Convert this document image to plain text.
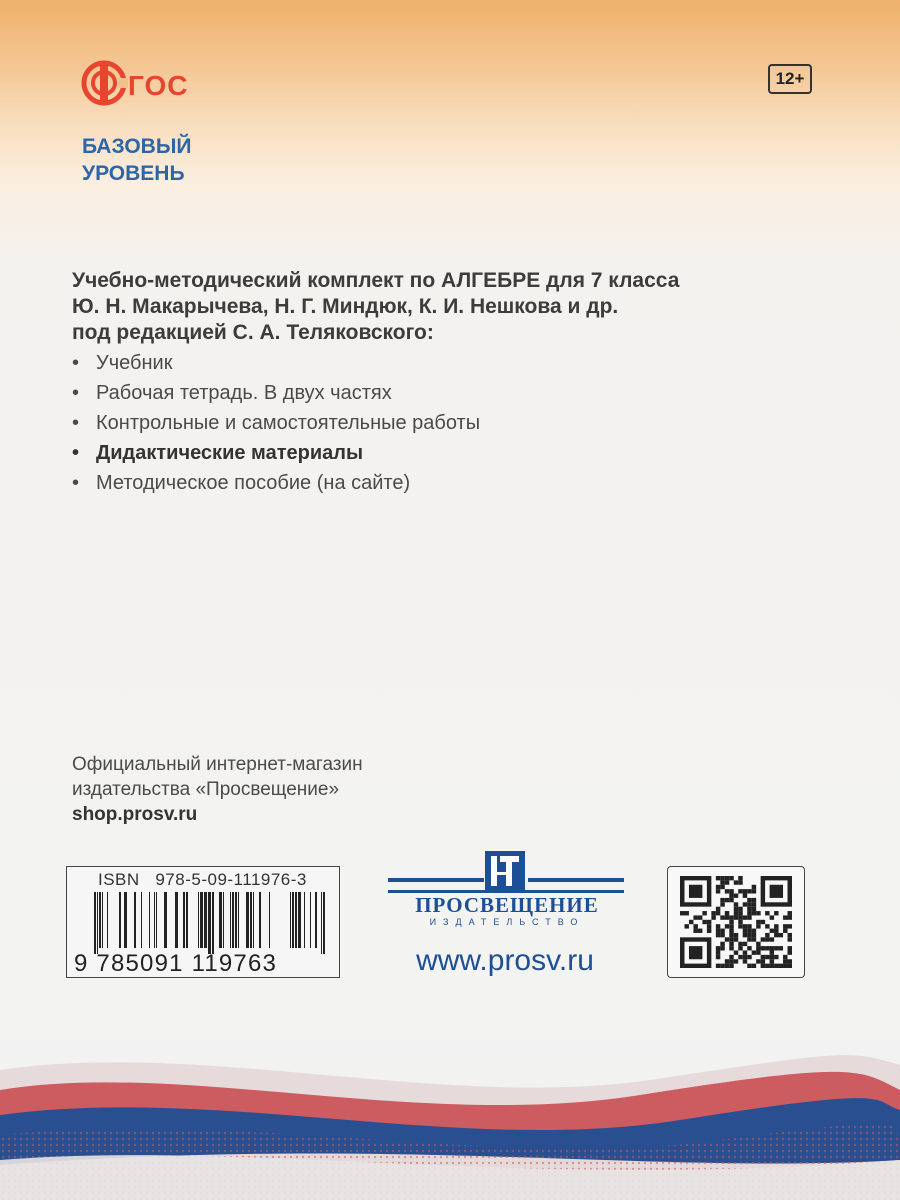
ГОС	12+
БАЗОВЫЙ
УРОВЕНЬ
Учебно-методический комплект по АЛГЕБРЕ для 7 класса
Ю. Н. Макарычева, Н. Г. Миндюк, К. И. Нешкова и др.
под редакцией С. А. Теляковского:
• Учебник
• Рабочая тетрадь. В двух частях
• Контрольные и самостоятельные работы
• Дидактические материалы
• Методическое пособие (на сайте)
Официальный интернет-магазин
издательства «Просвещение»
shop.prosv.ru
ISBN   978-5-09-111976-3
9 785091 119763
ПРОСВЕЩЕНИЕ
ИЗДАТЕЛЬСТВО
www.prosv.ru
